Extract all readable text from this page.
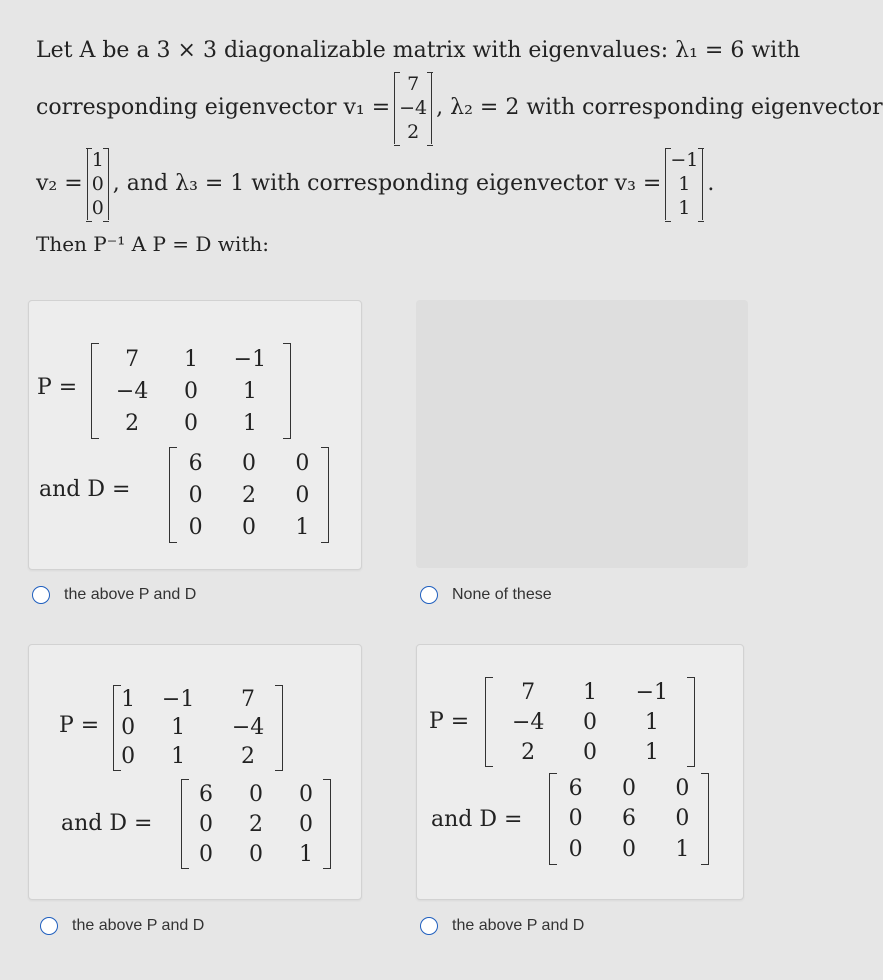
Let A be a 3 × 3 diagonalizable matrix with eigenvalues: λ₁ = 6 with
corresponding eigenvector v₁ =
7
−4
2
, λ₂ = 2 with corresponding eigenvector
v₂ =
1
0
0
, and λ₃ = 1 with corresponding eigenvector v₃ =
−1
1
1
.
Then P⁻¹ A P = D with:
P =
7	1	−1
−4	0	1
2	0	1
and D =
6	0	0
0	2	0
0	0	1
the above P and D	None of these
P =
1	−1	7
0	1	−4
0	1	2
and D =
6	0	0
0	2	0
0	0	1
the above P and D
P =
7	1	−1
−4	0	1
2	0	1
and D =
6	0	0
0	6	0
0	0	1
the above P and D
